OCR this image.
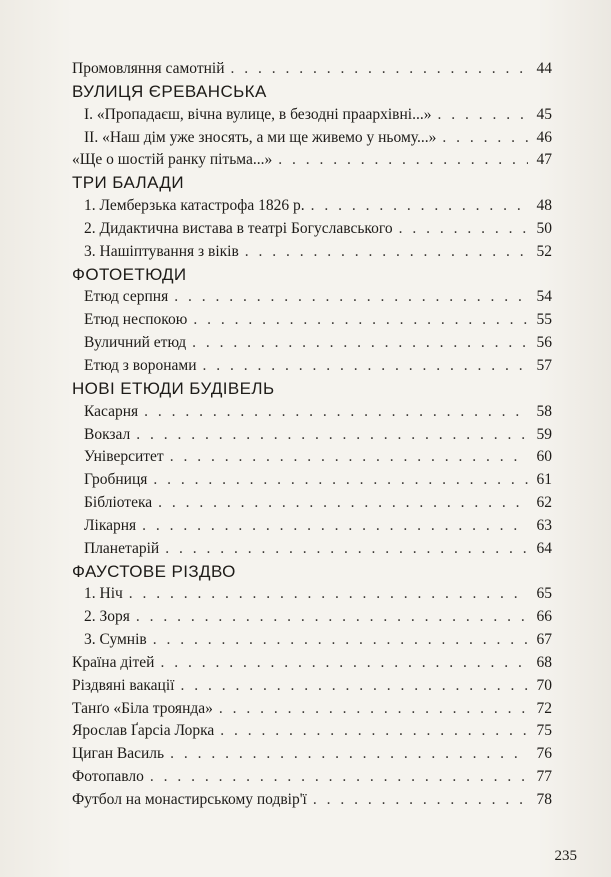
Промовляння самотній . . .	44
ВУЛИЦЯ ЄРЕВАНСЬКА
I. «Пропадаєш, вічна вулице, в безодні праархівні...» . . .	45
II. «Наш дім уже зносять, а ми ще живемо у ньому...» . . .	46
«Ще о шостій ранку пітьма...» . . .	47
ТРИ БАЛАДИ
1. Лемберзька катастрофа 1826 р. . . .	48
2. Дидактична вистава в театрі Богуславського . . .	50
3. Нашіптування з віків . . .	52
ФОТОЕТЮДИ
Етюд серпня . . .	54
Етюд неспокою . . .	55
Вуличний етюд . . .	56
Етюд з воронами . . .	57
НОВІ ЕТЮДИ БУДІВЕЛЬ
Касарня . . .	58
Вокзал . . .	59
Університет . . .	60
Гробниця . . .	61
Бібліотека . . .	62
Лікарня . . .	63
Планетарій . . .	64
ФАУСТОВЕ РІЗДВО
1. Ніч . . .	65
2. Зоря . . .	66
3. Сумнів . . .	67
Країна дітей . . .	68
Різдвяні вакації . . .	70
Танґо «Біла троянда» . . .	72
Ярослав Ґарсіа Лорка . . .	75
Циган Василь . . .	76
Фотопавло . . .	77
Футбол на монастирському подвір'ї . . .	78
235
